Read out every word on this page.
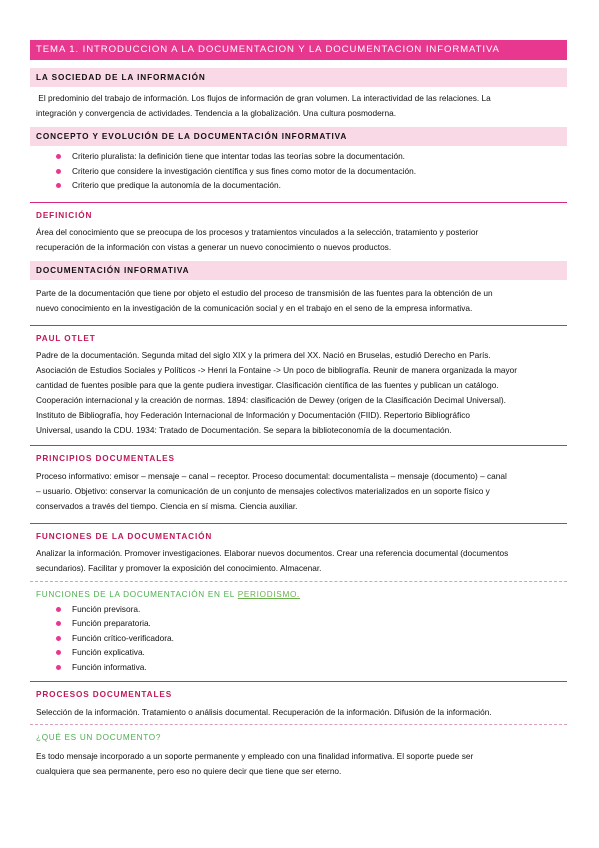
TEMA 1. INTRODUCCION A LA DOCUMENTACION Y LA DOCUMENTACION INFORMATIVA
LA SOCIEDAD DE LA INFORMACIÓN
El predominio del trabajo de información. Los flujos de información de gran volumen. La interactividad de las relaciones. La
integración y convergencia de actividades. Tendencia a la globalización. Una cultura posmoderna.
CONCEPTO Y EVOLUCIÓN DE LA DOCUMENTACIÓN INFORMATIVA
Criterio pluralista: la definición tiene que intentar todas las teorías sobre la documentación.
Criterio que considere la investigación científica y sus fines como motor de la documentación.
Criterio que predique la autonomía de la documentación.
DEFINICIÓN
Área del conocimiento que se preocupa de los procesos y tratamientos vinculados a la selección, tratamiento y posterior
recuperación de la información con vistas a generar un nuevo conocimiento o nuevos productos.
DOCUMENTACIÓN INFORMATIVA
Parte de la documentación que tiene por objeto el estudio del proceso de transmisión de las fuentes para la obtención de un
nuevo conocimiento en la investigación de la comunicación social y en el trabajo en el seno de la empresa informativa.
PAUL OTLET
Padre de la documentación. Segunda mitad del siglo XIX y la primera del XX. Nació en Bruselas, estudió Derecho en París.
Asociación de Estudios Sociales y Políticos -> Henri la Fontaine -> Un poco de bibliografía. Reunir de manera organizada la mayor
cantidad de fuentes posible para que la gente pudiera investigar. Clasificación científica de las fuentes y publican un catálogo.
Cooperación internacional y la creación de normas. 1894: clasificación de Dewey (origen de la Clasificación Decimal Universal).
Instituto de Bibliografía, hoy Federación Internacional de Información y Documentación (FIID). Repertorio Bibliográfico
Universal, usando la CDU. 1934: Tratado de Documentación. Se separa la biblioteconomía de la documentación.
PRINCIPIOS DOCUMENTALES
Proceso informativo: emisor – mensaje – canal – receptor. Proceso documental: documentalista – mensaje (documento) – canal
– usuario. Objetivo: conservar la comunicación de un conjunto de mensajes colectivos materializados en un soporte físico y
conservados a través del tiempo. Ciencia en sí misma. Ciencia auxiliar.
FUNCIONES DE LA DOCUMENTACIÓN
Analizar la información. Promover investigaciones. Elaborar nuevos documentos. Crear una referencia documental (documentos
secundarios). Facilitar y promover la exposición del conocimiento. Almacenar.
FUNCIONES DE LA DOCUMENTACIÓN EN EL PERIODISMO.
Función previsora.
Función preparatoria.
Función crítico-verificadora.
Función explicativa.
Función informativa.
PROCESOS DOCUMENTALES
Selección de la información. Tratamiento o análisis documental. Recuperación de la información. Difusión de la información.
¿QUÉ ES UN DOCUMENTO?
Es todo mensaje incorporado a un soporte permanente y empleado con una finalidad informativa. El soporte puede ser
cualquiera que sea permanente, pero eso no quiere decir que tiene que ser eterno.
